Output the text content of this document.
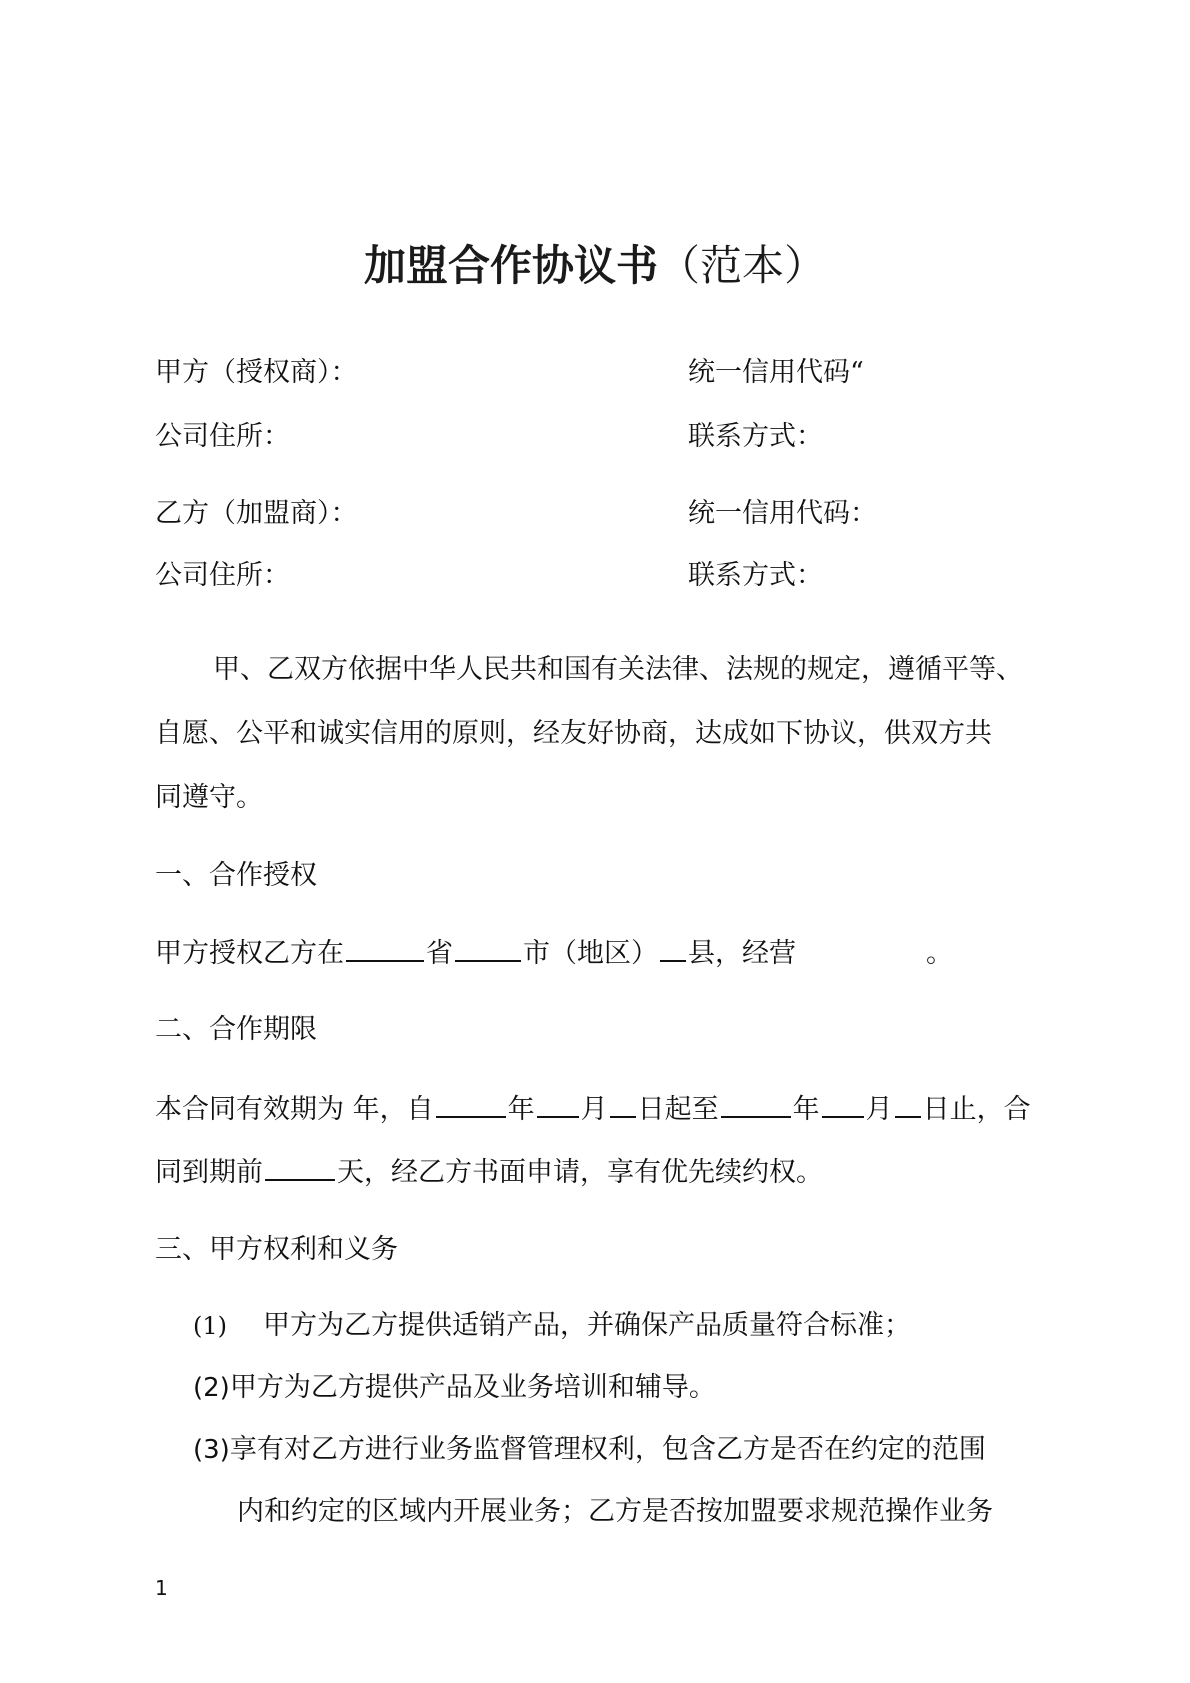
加盟合作协议书（范本）
甲方（授权商）：	统一信用代码“
公司住所：	联系方式：
乙方（加盟商）：	统一信用代码：
公司住所：	联系方式：
甲、乙双方依据中华人民共和国有关法律、法规的规定，遵循平等、
自愿、公平和诚实信用的原则，经友好协商，达成如下协议，供双方共
同遵守。
一、合作授权
甲方授权乙方在	省	市（地区） 县，经营	。
二、合作期限
本合同有效期为 年，自	年 月 日起至	年 月 日止，合
同到期前	天，经乙方书面申请，享有优先续约权。
三、甲方权利和义务
(1) 甲方为乙方提供适销产品，并确保产品质量符合标准；
(2)甲方为乙方提供产品及业务培训和辅导。
(3)享有对乙方进行业务监督管理权利，包含乙方是否在约定的范围
内和约定的区域内开展业务；乙方是否按加盟要求规范操作业务
1
